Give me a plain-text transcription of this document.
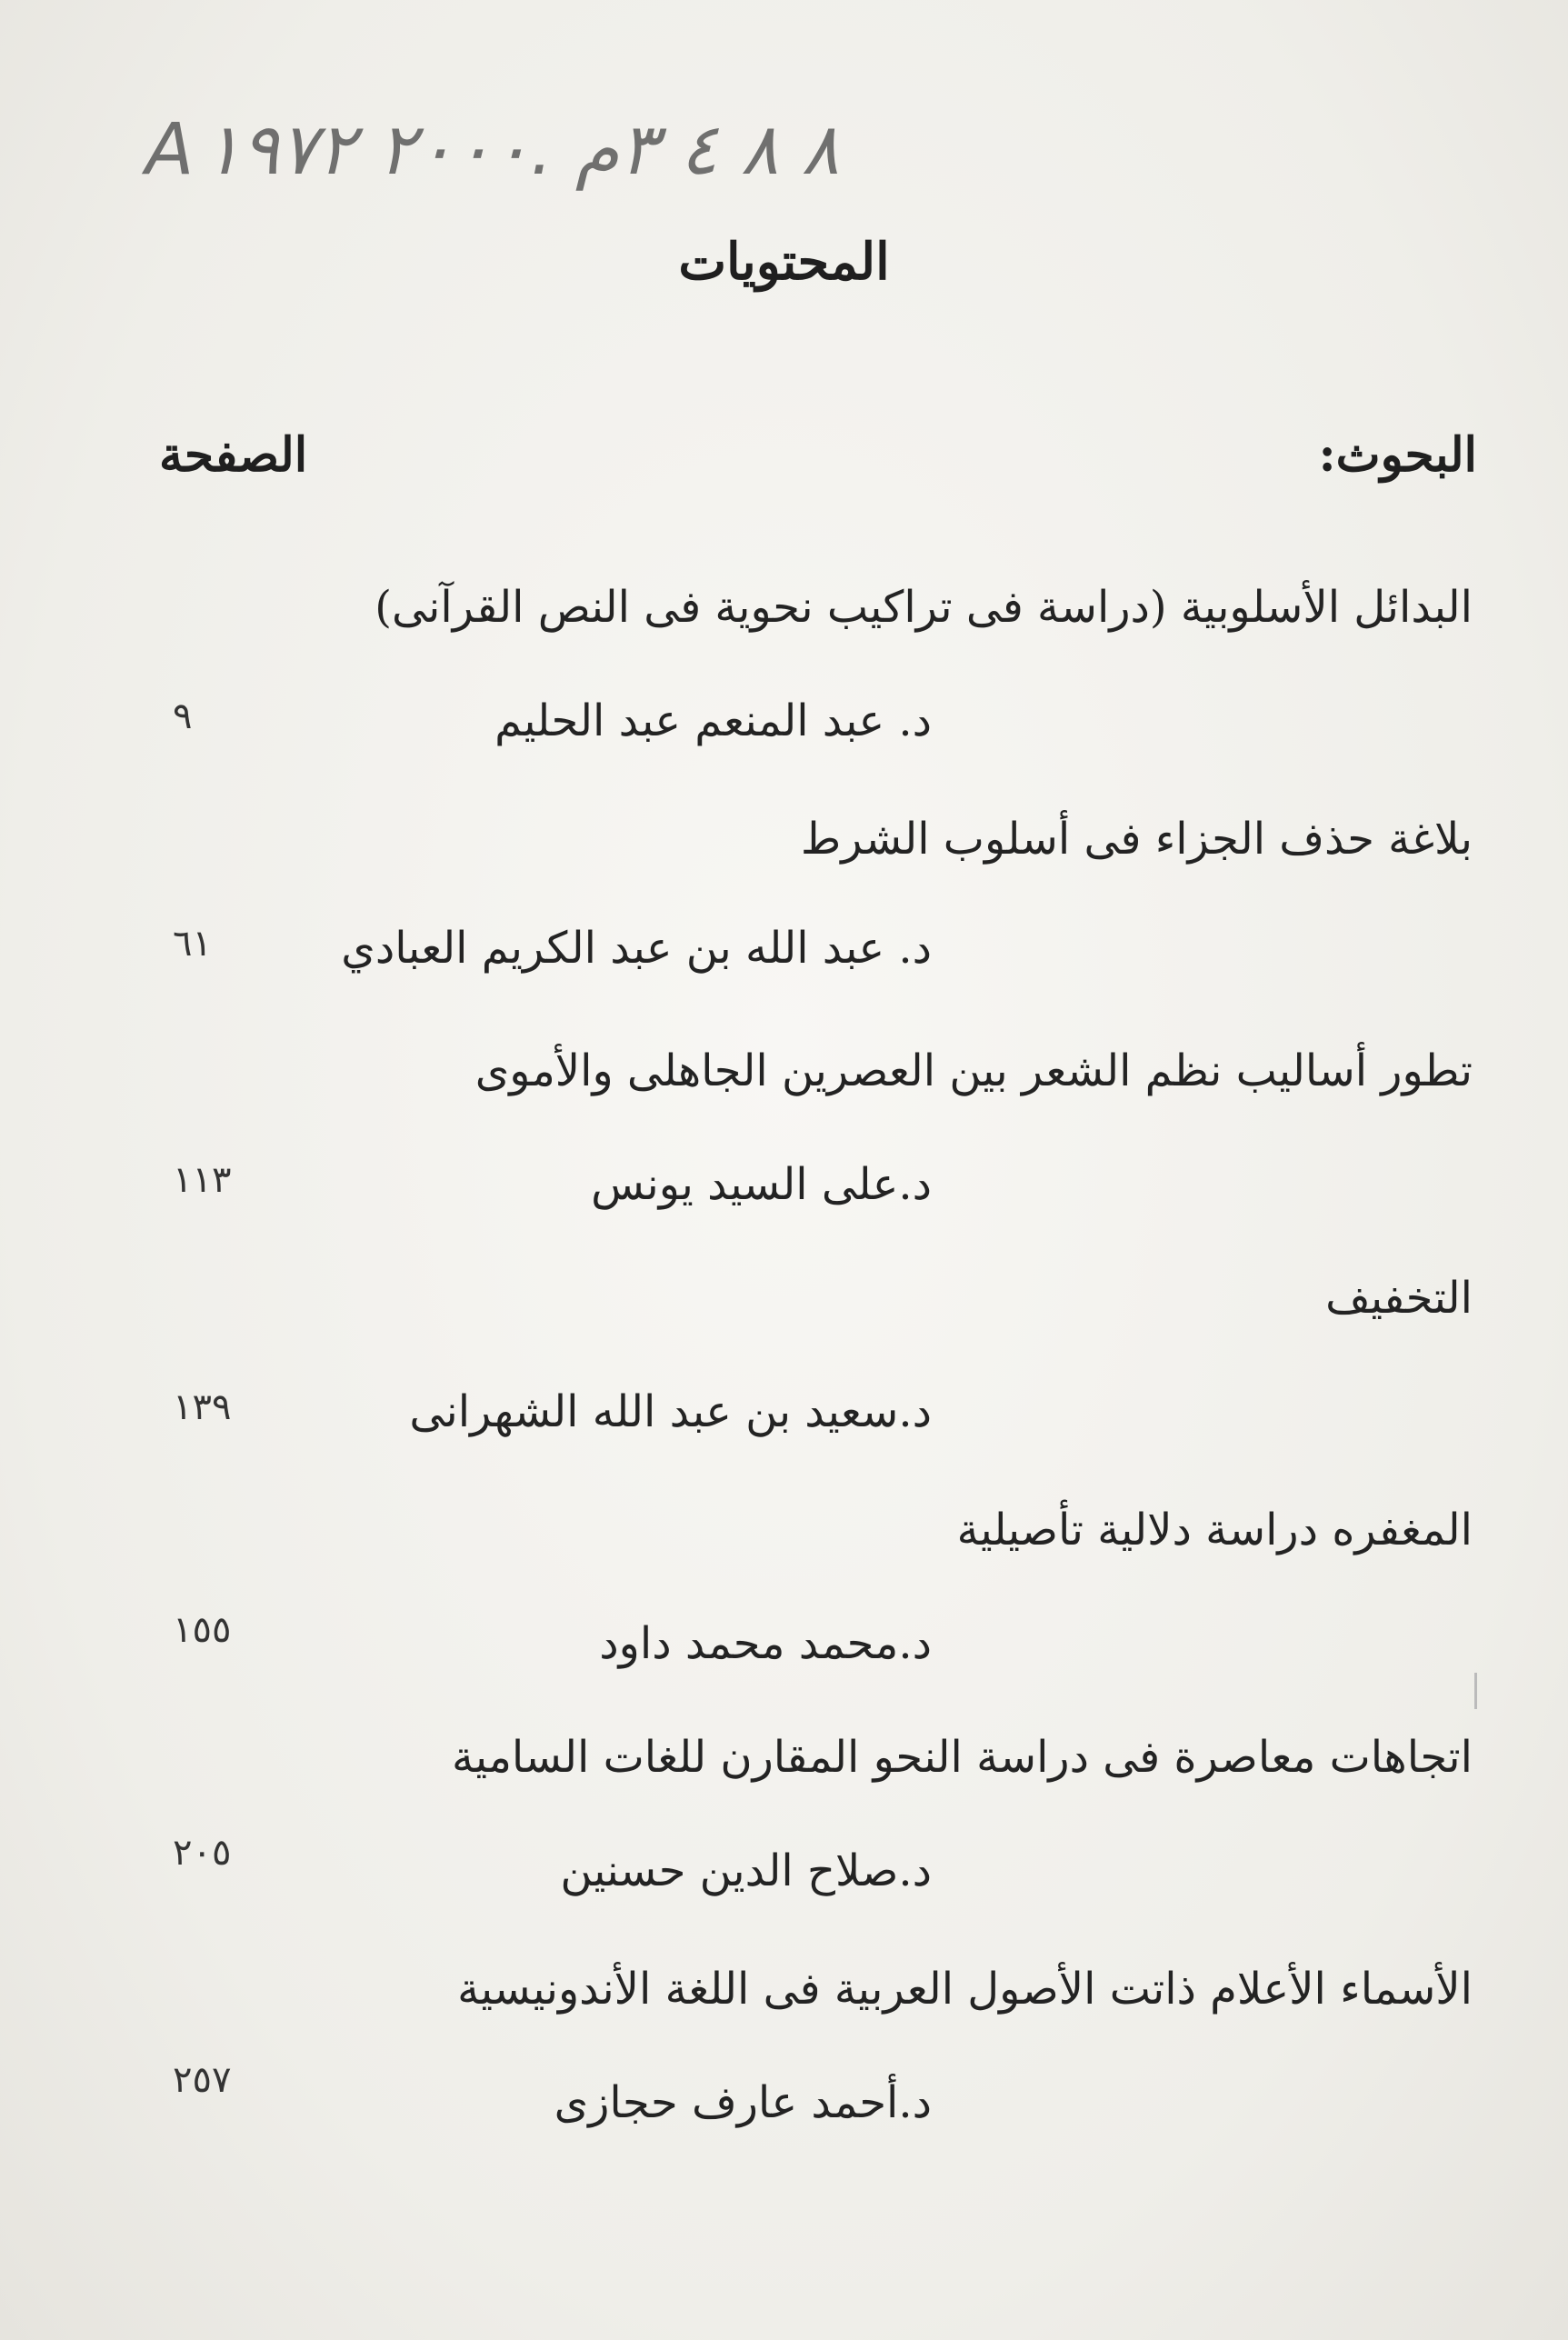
A٨ ٨ ٤ ٣م .٢٠٠٠ ١٩٧٢
المحتويات
البحوث:
الصفحة
البدائل الأسلوبية (دراسة فى تراكيب نحوية فى النص القرآنى)
د. عبد المنعم عبد الحليم
٩
بلاغة حذف الجزاء فى أسلوب الشرط
د. عبد الله بن عبد الكريم العبادي
٦١
تطور أساليب نظم الشعر بين العصرين الجاهلى والأموى
د.على السيد يونس
١١٣
التخفيف
د.سعيد بن عبد الله الشهرانى
١٣٩
المغفره دراسة دلالية تأصيلية
د.محمد محمد داود
١٥٥
اتجاهات معاصرة فى دراسة النحو المقارن للغات السامية
د.صلاح الدين حسنين
٢٠٥
الأسماء الأعلام ذاتت الأصول العربية فى اللغة الأندونيسية
د.أحمد عارف حجازى
٢٥٧
